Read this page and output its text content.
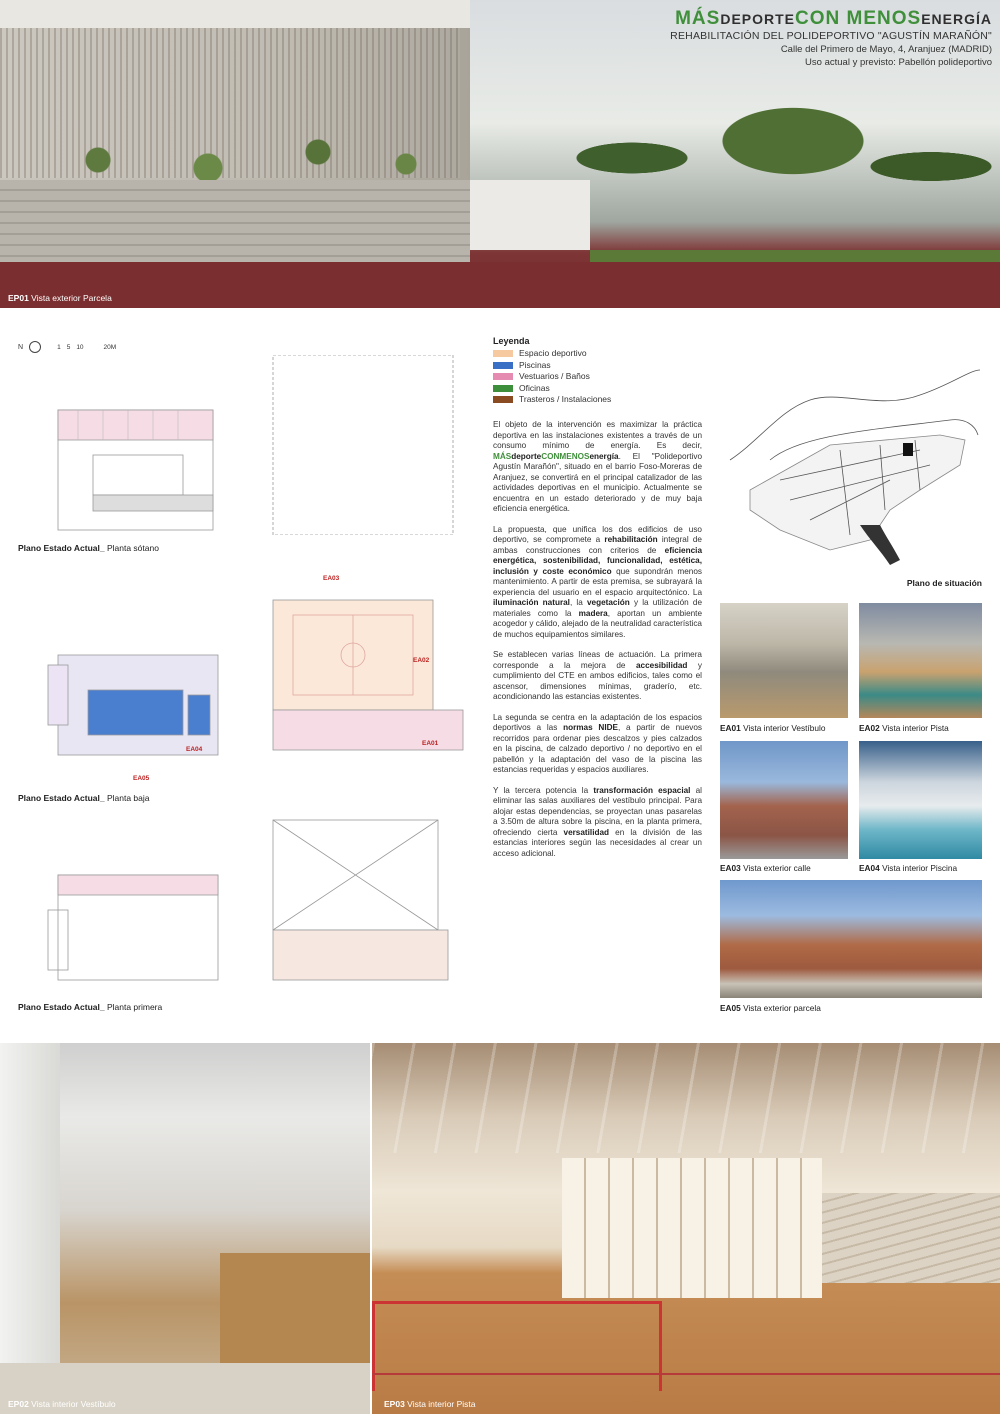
EP01 Vista exterior Parcela
MÁSDEPORTECON MENOSENERGÍA
REHABILITACIÓN DEL POLIDEPORTIVO "AGUSTÍN MARAÑÓN"
Calle del Primero de Mayo, 4, Aranjuez (MADRID)
Uso actual y previsto: Pabellón polideportivo
N	1 5 10	20M
Plano Estado Actual_ Planta sótano
EA03
EA02
EA01
EA04
EA05
Plano Estado Actual_ Planta baja
Plano Estado Actual_ Planta primera
Leyenda
Espacio deportivo
Piscinas
Vestuarios / Baños
Oficinas
Trasteros / Instalaciones

El objeto de la intervención es maximizar la práctica deportiva en las instalaciones existentes a través de un consumo mínimo de energía. Es decir, MÁSdeporteCONMENOSenergía. El "Polideportivo Agustín Marañón", situado en el barrio Foso-Moreras de Aranjuez, se convertirá en el principal catalizador de las actividades deportivas en el municipio. Actualmente se encuentra en un estado deteriorado y de muy baja eficiencia energética.

La propuesta, que unifica los dos edificios de uso deportivo, se compromete a rehabilitación integral de ambas construcciones con criterios de eficiencia energética, sostenibilidad, funcionalidad, estética, inclusión y coste económico que supondrán menos mantenimiento. A partir de esta premisa, se subrayará la experiencia del usuario en el espacio arquitectónico. La iluminación natural, la vegetación y la utilización de materiales como la madera, aportan un ambiente acogedor y cálido, alejado de la neutralidad característica de muchos equipamientos similares.

Se establecen varias líneas de actuación. La primera corresponde a la mejora de accesibilidad y cumplimiento del CTE en ambos edificios, tales como el ascensor, dimensiones mínimas, graderío, etc. acondicionando las estancias existentes.

La segunda se centra en la adaptación de los espacios deportivos a las normas NIDE, a partir de nuevos recorridos para ordenar pies descalzos y pies calzados en la piscina, de calzado deportivo / no deportivo en el pabellón y la adaptación del vaso de la piscina las estancias requeridas y espacios auxiliares.

Y la tercera potencia la transformación espacial al eliminar las salas auxiliares del vestíbulo principal. Para alojar estas dependencias, se proyectan unas pasarelas a 3.50m de altura sobre la piscina, en la planta primera, ofreciendo cierta versatilidad en la división de las estancias interiores según las necesidades al crear un acceso adicional.

Plano de situación
EA01 Vista interior Vestíbulo	EA02 Vista interior Pista
EA03 Vista exterior calle	EA04 Vista interior Piscina
EA05 Vista exterior parcela
EP02 Vista interior Vestíbulo	EP03 Vista interior Pista
